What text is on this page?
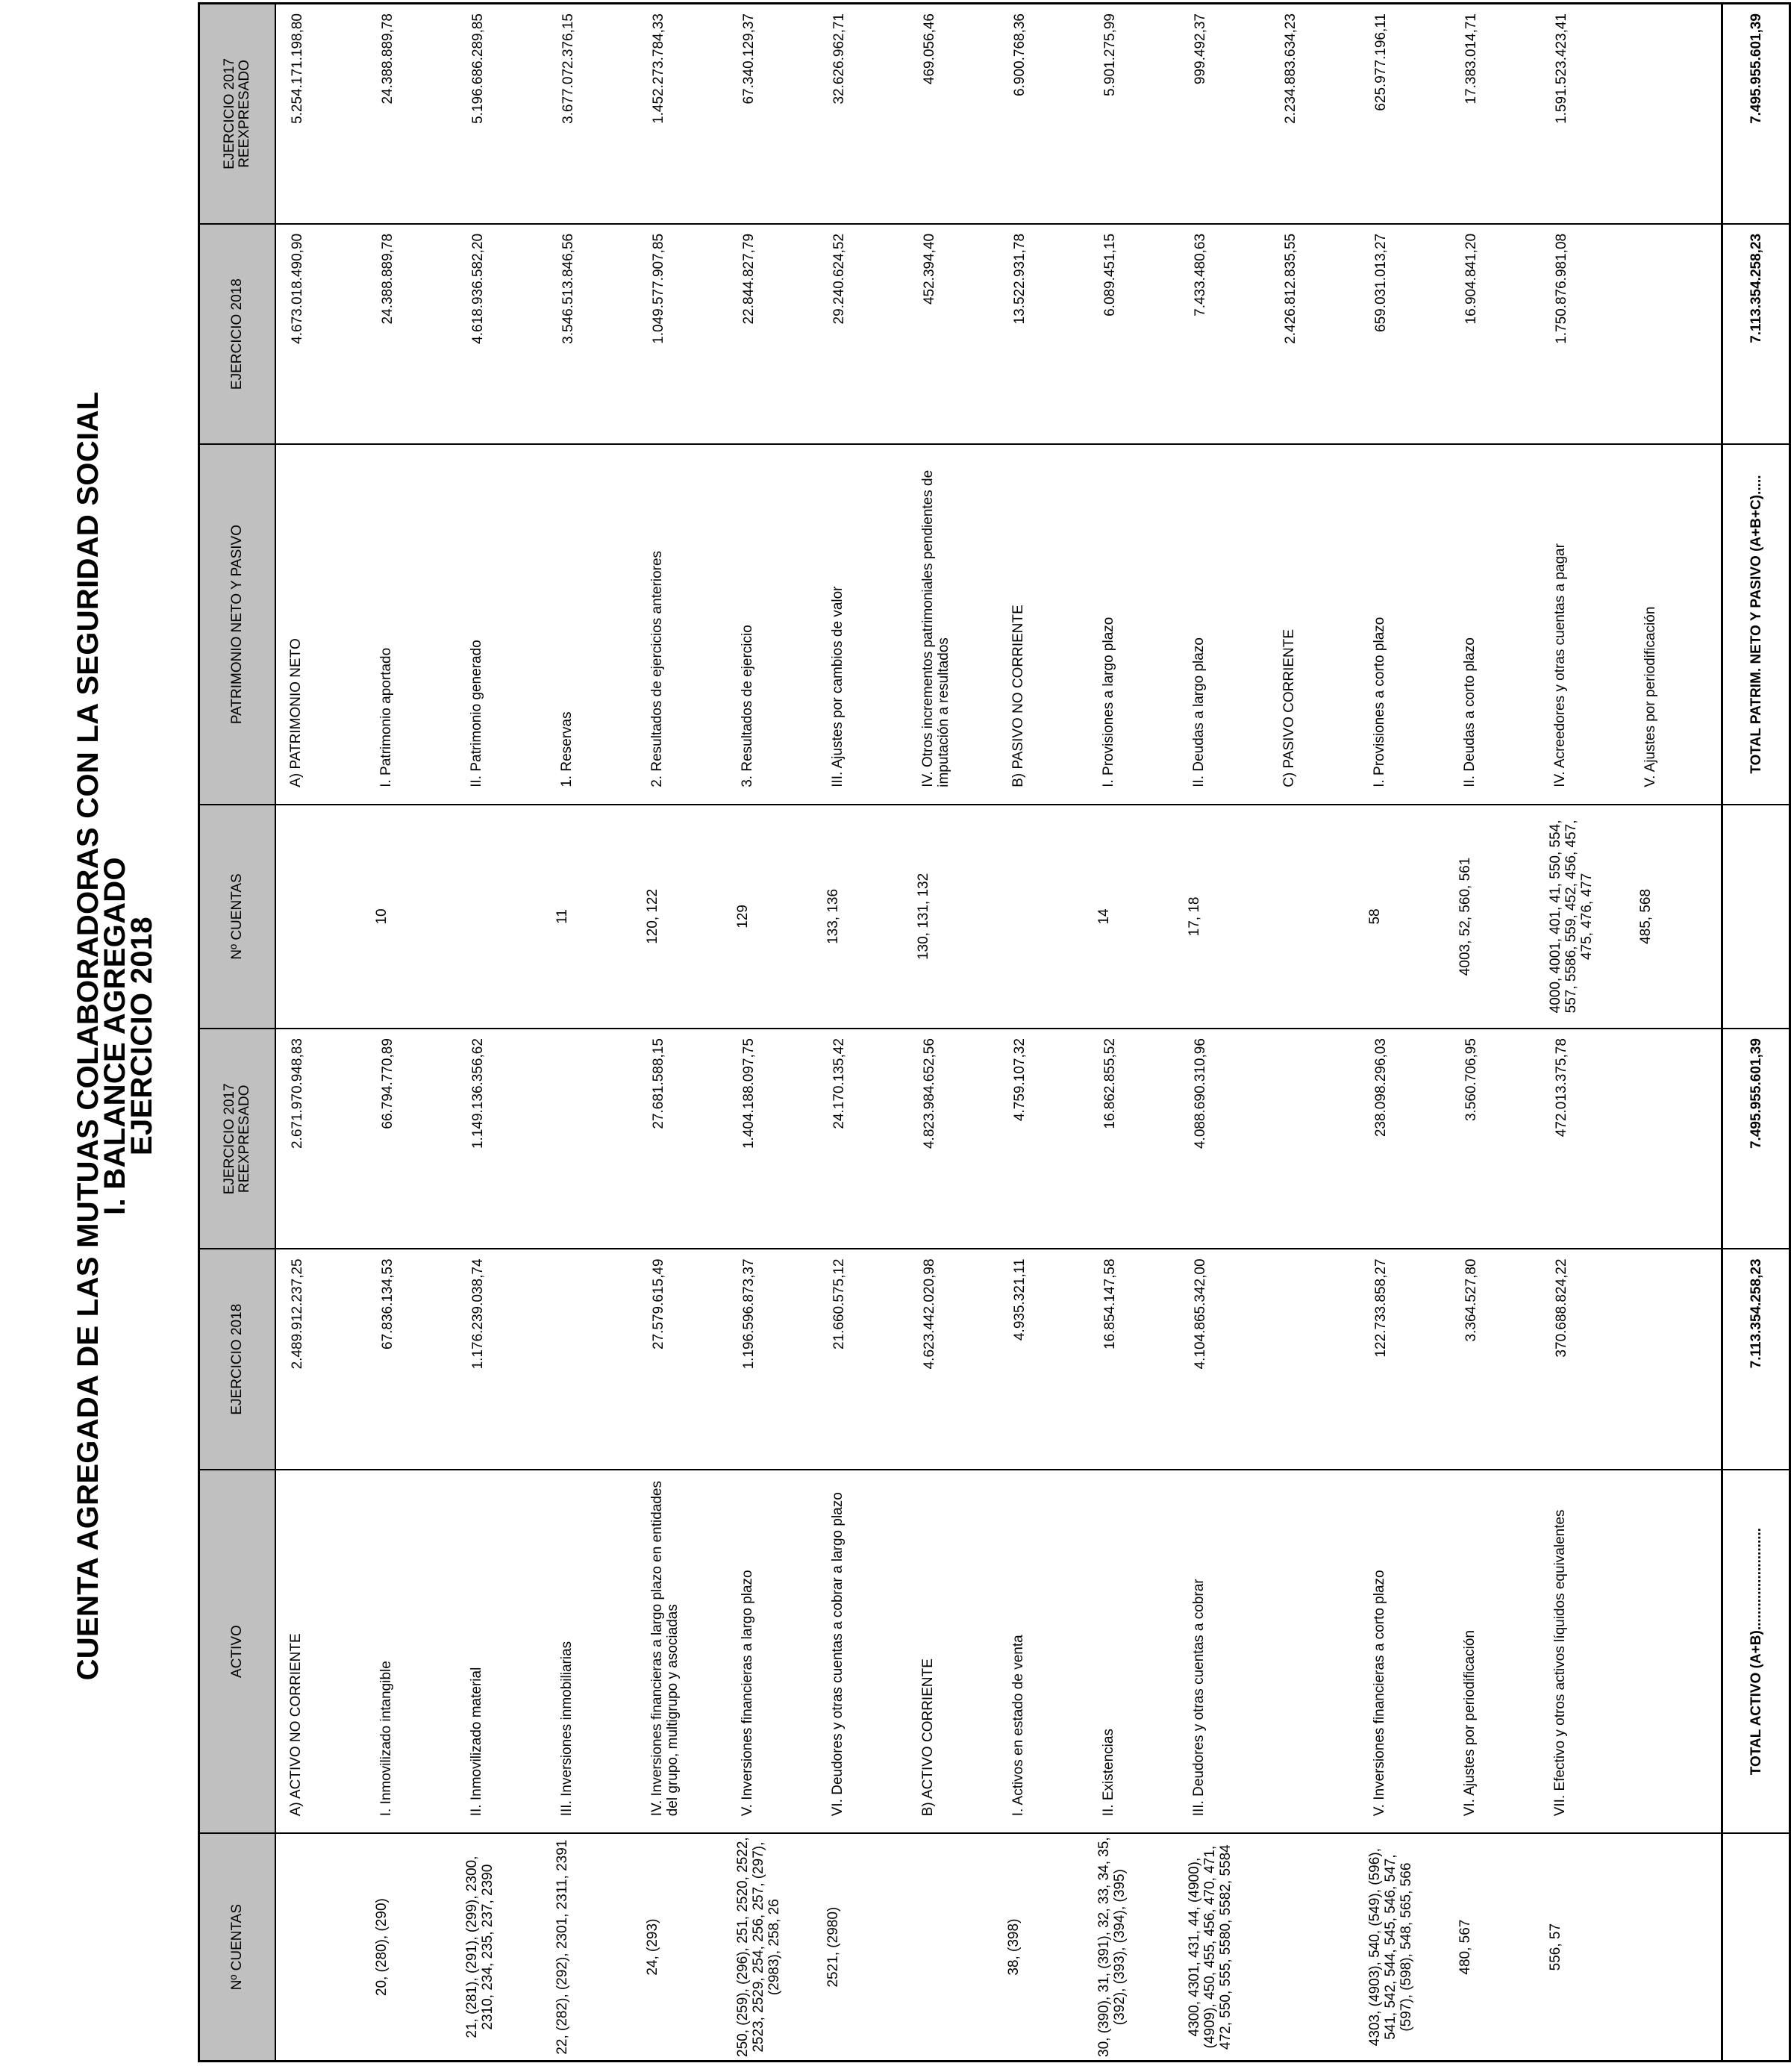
CUENTA AGREGADA DE LAS MUTUAS COLABORADORAS CON LA SEGURIDAD SOCIAL
I. BALANCE AGREGADO
EJERCICIO 2018
Nº CUENTAS	ACTIVO	EJERCICIO 2018	EJERCICIO 2017 REEXPRESADO	Nº CUENTAS	PATRIMONIO NETO Y PASIVO	EJERCICIO 2018	EJERCICIO 2017 REEXPRESADO
	A) ACTIVO NO CORRIENTE	2.489.912.237,25	2.671.970.948,83		A) PATRIMONIO NETO	4.673.018.490,90	5.254.171.198,80
20, (280), (290)	I. Inmovilizado intangible	67.836.134,53	66.794.770,89	10	I. Patrimonio aportado	24.388.889,78	24.388.889,78
21, (281), (291), (299), 2300, 2310, 234, 235, 237, 2390	II. Inmovilizado material	1.176.239.038,74	1.149.136.356,62		II. Patrimonio generado	4.618.936.582,20	5.196.686.289,85
22, (282), (292), 2301, 2311, 2391	III. Inversiones inmobiliarias			11	1. Reservas	3.546.513.846,56	3.677.072.376,15
24, (293)	IV. Inversiones financieras a largo plazo en entidades del grupo, multigrupo y asociadas	27.579.615,49	27.681.588,15	120, 122	2. Resultados de ejercicios anteriores	1.049.577.907,85	1.452.273.784,33
250, (259), (296), 251, 2520, 2522, 2523, 2529, 254, 256, 257, (297), (2983), 258, 26	V. Inversiones financieras a largo plazo	1.196.596.873,37	1.404.188.097,75	129	3. Resultados de ejercicio	22.844.827,79	67.340.129,37
2521, (2980)	VI. Deudores y otras cuentas a cobrar a largo plazo	21.660.575,12	24.170.135,42	133, 136	III. Ajustes por cambios de valor	29.240.624,52	32.626.962,71
	B) ACTIVO CORRIENTE	4.623.442.020,98	4.823.984.652,56	130, 131, 132	IV. Otros incrementos patrimoniales pendientes de imputación a resultados	452.394,40	469.056,46
38, (398)	I. Activos en estado de venta	4.935.321,11	4.759.107,32		B) PASIVO NO CORRIENTE	13.522.931,78	6.900.768,36
30, (390), 31, (391), 32, 33, 34, 35, (392), (393), (394), (395)	II. Existencias	16.854.147,58	16.862.855,52	14	I. Provisiones a largo plazo	6.089.451,15	5.901.275,99
4300, 4301, 431, 44, (4900), (4909), 450, 455, 456, 470, 471, 472, 550, 555, 5580, 5582, 5584	III. Deudores y otras cuentas a cobrar	4.104.865.342,00	4.088.690.310,96	17, 18	II. Deudas a largo plazo	7.433.480,63	999.492,37
					C) PASIVO CORRIENTE	2.426.812.835,55	2.234.883.634,23
4303, (4903), 540, (549), (596), 541, 542, 544, 545, 546, 547, (597), (598), 548, 565, 566	V. Inversiones financieras a corto plazo	122.733.858,27	238.098.296,03	58	I. Provisiones a corto plazo	659.031.013,27	625.977.196,11
480, 567	VI. Ajustes por periodificación	3.364.527,80	3.560.706,95	4003, 52, 560, 561	II. Deudas a corto plazo	16.904.841,20	17.383.014,71
556, 57	VII. Efectivo y otros activos líquidos equivalentes	370.688.824,22	472.013.375,78	4000, 4001, 401, 41, 550, 554, 557, 5586, 559, 452, 456, 457, 475, 476, 477	IV. Acreedores y otras cuentas a pagar	1.750.876.981,08	1.591.523.423,41
				485, 568	V. Ajustes por periodificación		
	TOTAL ACTIVO (A+B)..........................	7.113.354.258,23	7.495.955.601,39		TOTAL PATRIM. NETO Y PASIVO (A+B+C).....	7.113.354.258,23	7.495.955.601,39
